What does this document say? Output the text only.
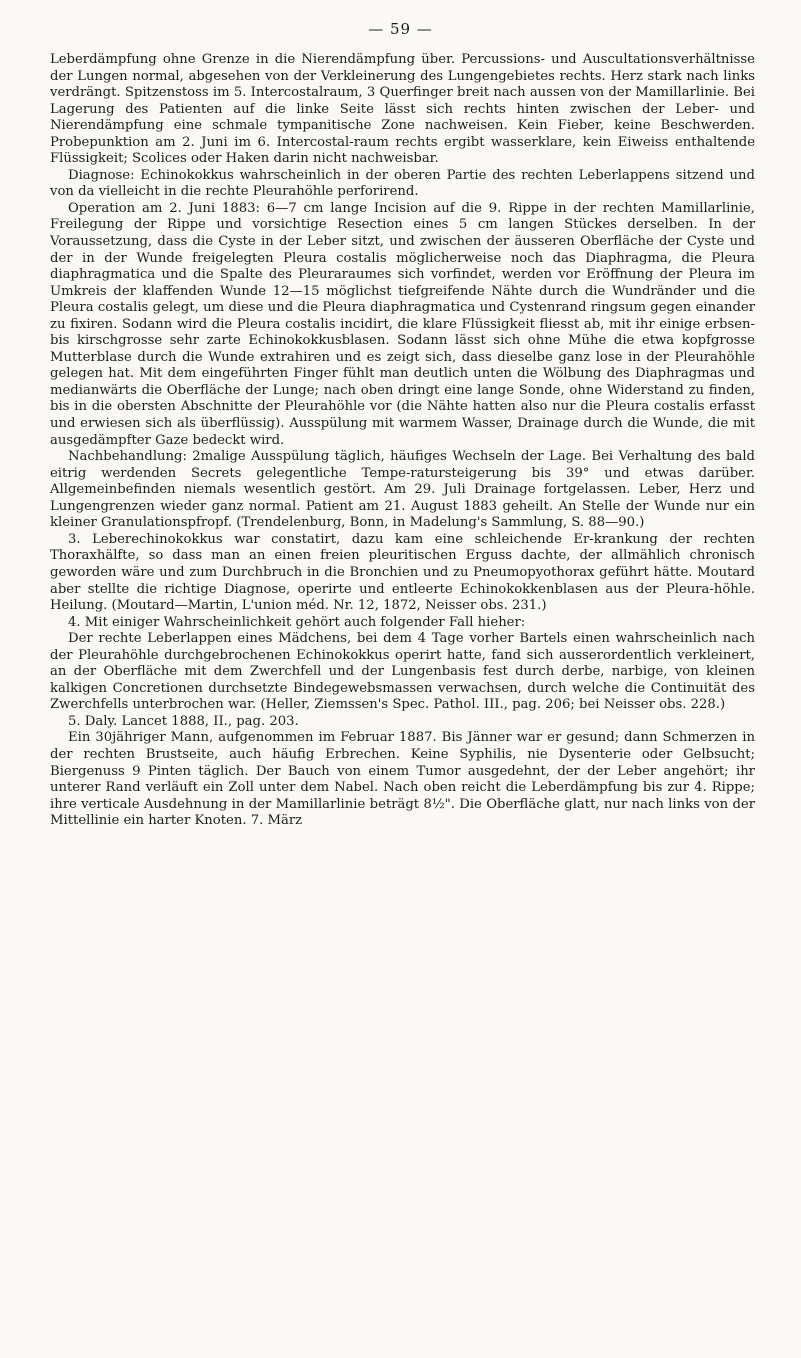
— 59 —

Leberdämpfung ohne Grenze in die Nierendämpfung über. Percussions- und Auscultationsverhältnisse der Lungen normal, abgesehen von der Verkleinerung des Lungengebietes rechts. Herz stark nach links verdrängt. Spitzenstoss im 5. Intercostalraum, 3 Querfinger breit nach aussen von der Mamillarlinie. Bei Lagerung des Patienten auf die linke Seite lässt sich rechts hinten zwischen der Leber- und Nierendämpfung eine schmale tympanitische Zone nachweisen. Kein Fieber, keine Beschwerden. Probepunktion am 2. Juni im 6. Intercostal-raum rechts ergibt wasserklare, kein Eiweiss enthaltende Flüssigkeit; Scolices oder Haken darin nicht nachweisbar.

Diagnose: Echinokokkus wahrscheinlich in der oberen Partie des rechten Leberlappens sitzend und von da vielleicht in die rechte Pleurahöhle perforirend.

Operation am 2. Juni 1883: 6—7 cm lange Incision auf die 9. Rippe in der rechten Mamillarlinie, Freilegung der Rippe und vorsichtige Resection eines 5 cm langen Stückes derselben. In der Voraussetzung, dass die Cyste in der Leber sitzt, und zwischen der äusseren Oberfläche der Cyste und der in der Wunde freigelegten Pleura costalis möglicherweise noch das Diaphragma, die Pleura diaphragmatica und die Spalte des Pleuraraumes sich vorfindet, werden vor Eröffnung der Pleura im Umkreis der klaffenden Wunde 12—15 möglichst tiefgreifende Nähte durch die Wundränder und die Pleura costalis gelegt, um diese und die Pleura diaphragmatica und Cystenrand ringsum gegen einander zu fixiren. Sodann wird die Pleura costalis incidirt, die klare Flüssigkeit fliesst ab, mit ihr einige erbsen- bis kirschgrosse sehr zarte Echinokokkusblasen. Sodann lässt sich ohne Mühe die etwa kopfgrosse Mutterblase durch die Wunde extrahiren und es zeigt sich, dass dieselbe ganz lose in der Pleurahöhle gelegen hat. Mit dem eingeführten Finger fühlt man deutlich unten die Wölbung des Diaphragmas und medianwärts die Oberfläche der Lunge; nach oben dringt eine lange Sonde, ohne Widerstand zu finden, bis in die obersten Abschnitte der Pleurahöhle vor (die Nähte hatten also nur die Pleura costalis erfasst und erwiesen sich als überflüssig). Ausspülung mit warmem Wasser, Drainage durch die Wunde, die mit ausgedämpfter Gaze bedeckt wird.

Nachbehandlung: 2malige Ausspülung täglich, häufiges Wechseln der Lage. Bei Verhaltung des bald eitrig werdenden Secrets gelegentliche Tempe-ratursteigerung bis 39° und etwas darüber. Allgemeinbefinden niemals wesentlich gestört. Am 29. Juli Drainage fortgelassen. Leber, Herz und Lungengrenzen wieder ganz normal. Patient am 21. August 1883 geheilt. An Stelle der Wunde nur ein kleiner Granulationspfropf. (Trendelenburg, Bonn, in Madelung's Sammlung, S. 88—90.)

3. Leberechinokokkus war constatirt, dazu kam eine schleichende Er-krankung der rechten Thoraxhälfte, so dass man an einen freien pleuritischen Erguss dachte, der allmählich chronisch geworden wäre und zum Durchbruch in die Bronchien und zu Pneumopyothorax geführt hätte. Moutard aber stellte die richtige Diagnose, operirte und entleerte Echinokokkenblasen aus der Pleura-höhle. Heilung. (Moutard—Martin, L'union méd. Nr. 12, 1872, Neisser obs. 231.)

4. Mit einiger Wahrscheinlichkeit gehört auch folgender Fall hieher:

Der rechte Leberlappen eines Mädchens, bei dem 4 Tage vorher Bartels einen wahrscheinlich nach der Pleurahöhle durchgebrochenen Echinokokkus operirt hatte, fand sich ausserordentlich verkleinert, an der Oberfläche mit dem Zwerchfell und der Lungenbasis fest durch derbe, narbige, von kleinen kalkigen Concretionen durchsetzte Bindegewebsmassen verwachsen, durch welche die Continuität des Zwerchfells unterbrochen war. (Heller, Ziemssen's Spec. Pathol. III., pag. 206; bei Neisser obs. 228.)

5. Daly. Lancet 1888, II., pag. 203.

Ein 30jähriger Mann, aufgenommen im Februar 1887. Bis Jänner war er gesund; dann Schmerzen in der rechten Brustseite, auch häufig Erbrechen. Keine Syphilis, nie Dysenterie oder Gelbsucht; Biergenuss 9 Pinten täglich. Der Bauch von einem Tumor ausgedehnt, der der Leber angehört; ihr unterer Rand verläuft ein Zoll unter dem Nabel. Nach oben reicht die Leberdämpfung bis zur 4. Rippe; ihre verticale Ausdehnung in der Mamillarlinie beträgt 8½". Die Oberfläche glatt, nur nach links von der Mittellinie ein harter Knoten. 7. März
